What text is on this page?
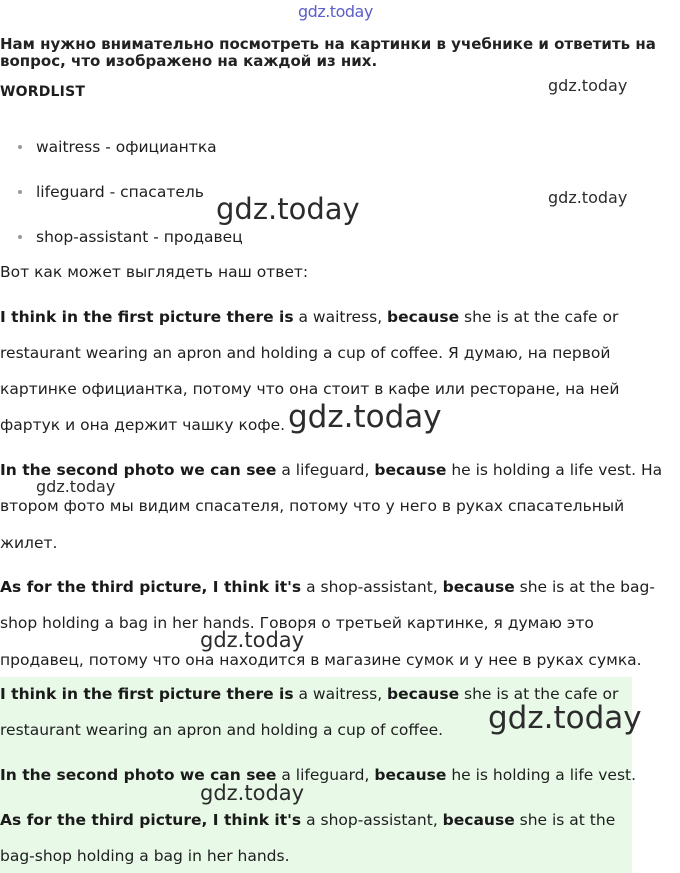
gdz.today
Нам нужно внимательно посмотреть на картинки в учебнике и ответить на
вопрос, что изображено на каждой из них.
WORDLIST	gdz.today
waitress - официантка
lifeguard - спасатель	gdz.today
gdz.today
shop-assistant - продавец
Вот как может выглядеть наш ответ:
I think in the first picture there is a waitress, because she is at the cafe or
restaurant wearing an apron and holding a cup of coffee. Я думаю, на первой
картинке официантка, потому что она стоит в кафе или ресторане, на ней
фартук и она держит чашку кофе. gdz.today
In the second photo we can see a lifeguard, because he is holding a life vest. На
gdz.today
втором фото мы видим спасателя, потому что у него в руках спасательный
жилет.
As for the third picture, I think it's a shop-assistant, because she is at the bag-
shop holding a bag in her hands. Говоря о третьей картинке, я думаю это
gdz.today
продавец, потому что она находится в магазине сумок и у нее в руках сумка.
I think in the first picture there is a waitress, because she is at the cafe or
restaurant wearing an apron and holding a cup of coffee. gdz.today
In the second photo we can see a lifeguard, because he is holding a life vest.
gdz.today
As for the third picture, I think it's a shop-assistant, because she is at the
bag-shop holding a bag in her hands.
